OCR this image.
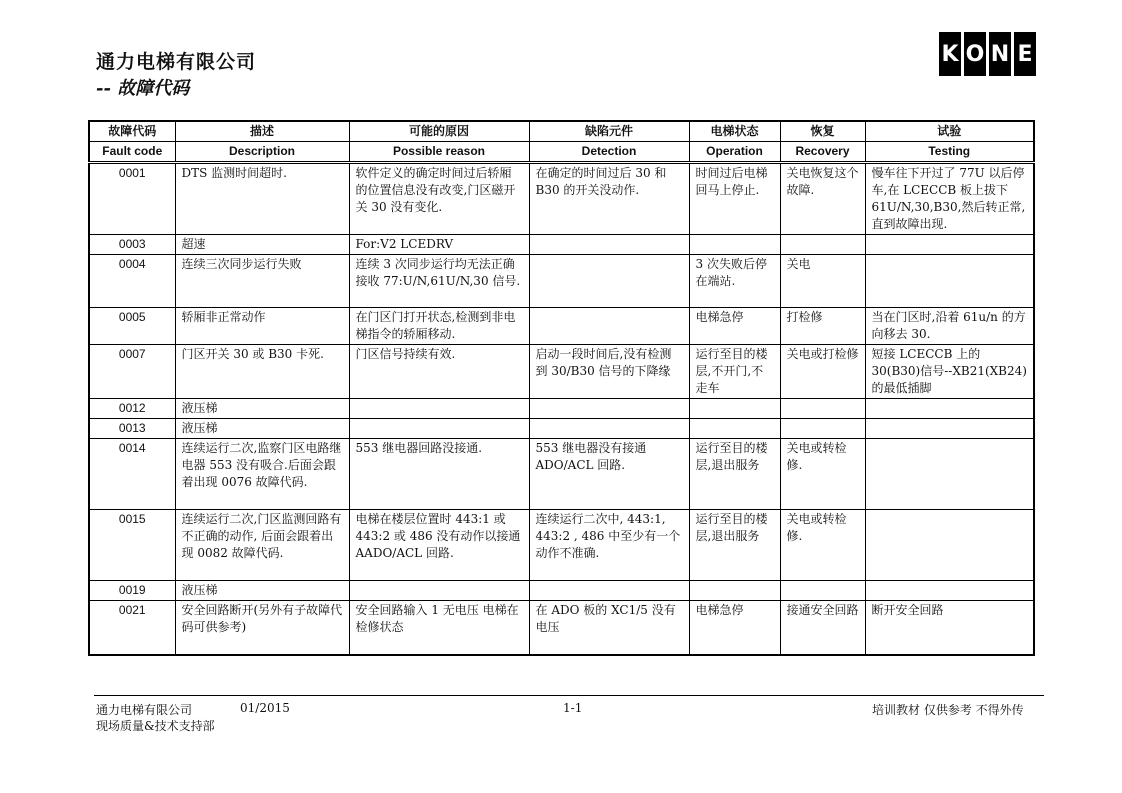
通力电梯有限公司
-- 故障代码
K O N E
故障代码	描述	可能的原因	缺陷元件	电梯状态	恢复	试验
Fault code	Description	Possible reason	Detection	Operation	Recovery	Testing
0001	DTS 监测时间超时.	软件定义的确定时间过后轿厢的位置信息没有改变,门区磁开关 30 没有变化.	在确定的时间过后 30 和 B30 的开关没动作.	时间过后电梯回马上停止.	关电恢复这个故障.	慢车往下开过了 77U 以后停车,在 LCECCB 板上拔下 61U/N,30,B30,然后转正常,直到故障出现.
0003	超速	For:V2 LCEDRV				
0004	连续三次同步运行失败	连续 3 次同步运行均无法正确接收 77:U/N,61U/N,30 信号.		3 次失败后停在端站.	关电	
0005	轿厢非正常动作	在门区门打开状态,检测到非电梯指令的轿厢移动.		电梯急停	打检修	当在门区时,沿着 61u/n 的方向移去 30.
0007	门区开关 30 或 B30 卡死.	门区信号持续有效.	启动一段时间后,没有检测到 30/B30 信号的下降缘	运行至目的楼层,不开门,不走车	关电或打检修	短接 LCECCB 上的 30(B30)信号--XB21(XB24)的最低插脚
0012	液压梯					
0013	液压梯					
0014	连续运行二次,监察门区电路继电器 553 没有吸合.后面会跟着出现 0076 故障代码.	553 继电器回路没接通.	553 继电器没有接通 ADO/ACL 回路.	运行至目的楼层,退出服务	关电或转检修.	
0015	连续运行二次,门区监测回路有不正确的动作, 后面会跟着出现 0082 故障代码.	电梯在楼层位置时 443:1 或 443:2 或 486 没有动作以接通 AADO/ACL 回路.	连续运行二次中, 443:1, 443:2 , 486 中至少有一个动作不准确.	运行至目的楼层,退出服务	关电或转检修.	
0019	液压梯					
0021	安全回路断开(另外有子故障代码可供参考)	安全回路输入 1 无电压 电梯在检修状态	在 ADO 板的 XC1/5 没有电压	电梯急停	接通安全回路	断开安全回路
通力电梯有限公司	01/2015
现场质量&技术支持部
1-1	培训教材 仅供参考 不得外传
